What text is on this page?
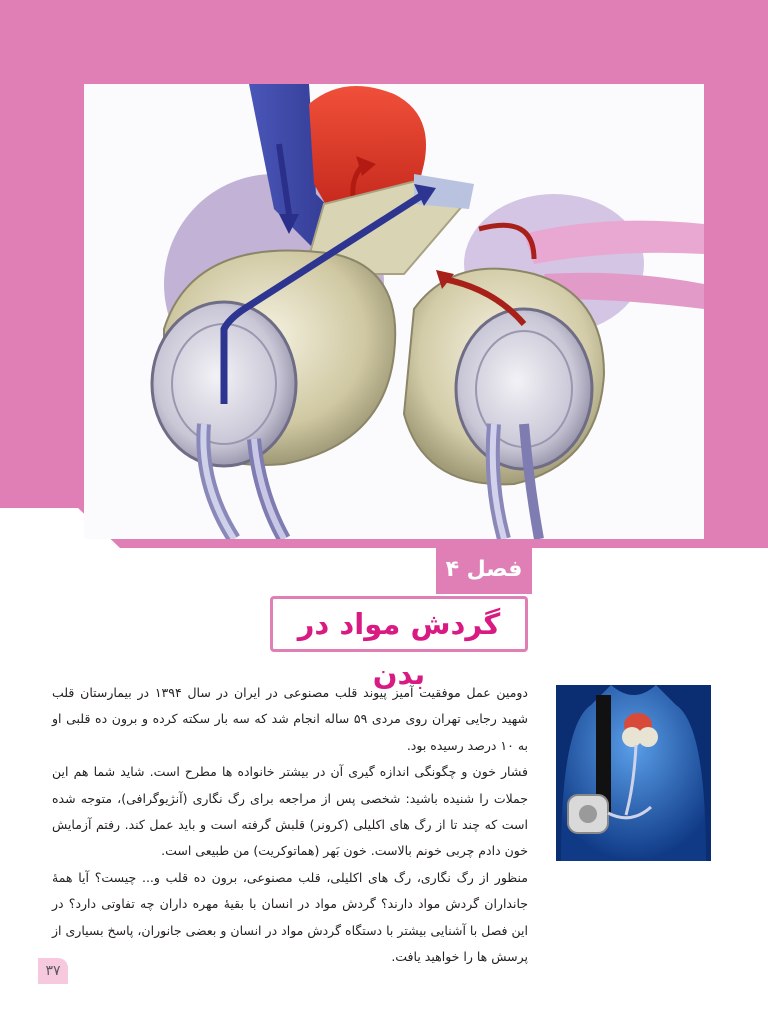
فصل ۴
گردش مواد در بدن

دومین عمل موفقیت آمیز پیوند قلب مصنوعی در ایران در سال ۱۳۹۴ در بیمارستان قلب شهید رجایی تهران روی مردی ۵۹ ساله انجام شد که سه بار سکته کرده و برون ده قلبی او به ۱۰ درصد رسیده بود.

فشار خون و چگونگی اندازه گیری آن در بیشتر خانواده ها مطرح است. شاید شما هم این جملات را شنیده باشید: شخصی پس از مراجعه برای رگ نگاری (آنژیوگرافی)، متوجه شده است که چند تا از رگ های اکلیلی (کرونر) قلبش گرفته است و باید عمل کند. رفتم آزمایش خون دادم چربی خونم بالاست. خون بَهر (هماتوکریت) من طبیعی است.

منظور از رگ نگاری، رگ های اکلیلی، قلب مصنوعی، برون ده قلب و... چیست؟ آیا همهٔ جانداران گردش مواد دارند؟ گردش مواد در انسان با بقیهٔ مهره داران چه تفاوتی دارد؟ در این فصل با آشنایی بیشتر با دستگاه گردش مواد در انسان و بعضی جانوران، پاسخ بسیاری از پرسش ها را خواهید یافت.

۳۷
